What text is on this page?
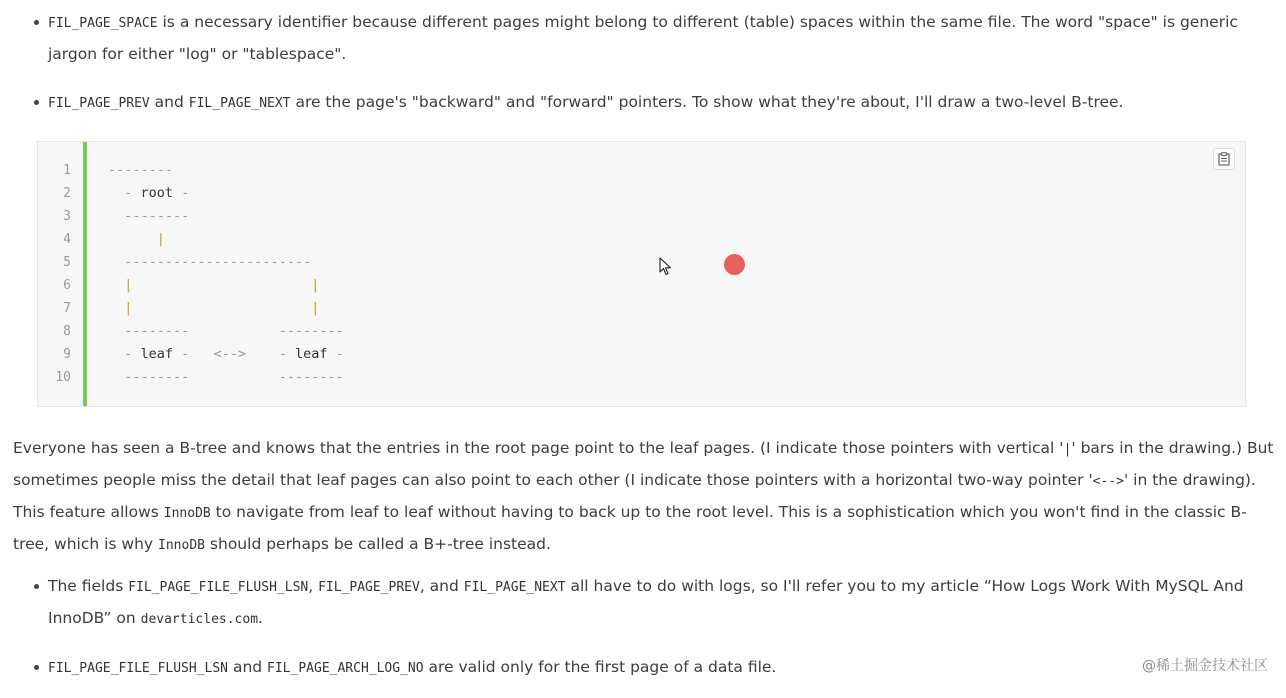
FIL_PAGE_SPACE is a necessary identifier because different pages might belong to different (table) spaces within the same file. The word "space" is generic jargon for either "log" or "tablespace".
FIL_PAGE_PREV and FIL_PAGE_NEXT are the page's "backward" and "forward" pointers. To show what they're about, I'll draw a two-level B-tree.
1
2
3
4
5
6
7
8
9
10
--------
- root -
--------
|
-----------------------
|	|
|	|
--------           --------
- leaf -   <-->    - leaf -
--------           --------

Everyone has seen a B-tree and knows that the entries in the root page point to the leaf pages. (I indicate those pointers with vertical '|' bars in the drawing.) But sometimes people miss the detail that leaf pages can also point to each other (I indicate those pointers with a horizontal two-way pointer '<-->' in the drawing). This feature allows InnoDB to navigate from leaf to leaf without having to back up to the root level. This is a sophistication which you won't find in the classic B-tree, which is why InnoDB should perhaps be called a B+-tree instead.

The fields FIL_PAGE_FILE_FLUSH_LSN, FIL_PAGE_PREV, and FIL_PAGE_NEXT all have to do with logs, so I'll refer you to my article “How Logs Work With MySQL And InnoDB” on devarticles.com.
FIL_PAGE_FILE_FLUSH_LSN and FIL_PAGE_ARCH_LOG_NO are valid only for the first page of a data file.	@稀土掘金技术社区
